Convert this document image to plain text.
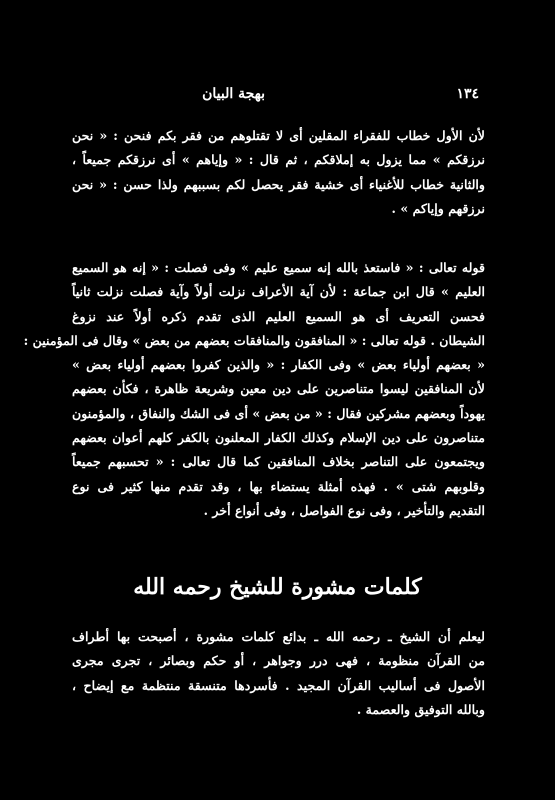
١٣٤
بهجة البيان
لأن الأول خطاب للفقراء المقلين أى لا تقتلوهم من فقر بكم فنحن : « نحن
نرزقكم » مما يزول به إملاقكم ، ثم قال : « وإياهم » أى نرزقكم جميعاً ،
والثانية خطاب للأغنياء أى خشية فقر يحصل لكم بسببهم ولذا حسن : « نحن
نرزقهم وإياكم » .
قوله تعالى : « فاستعذ بالله إنه سميع عليم » وفى فصلت : « إنه هو السميع
العليم » قال ابن جماعة : لأن آية الأعراف نزلت أولاً وآية فصلت نزلت ثانياً
فحسن التعريف أى هو السميع العليم الذى تقدم ذكره أولاً عند نزوغ
الشيطان . قوله تعالى : « المنافقون والمنافقات بعضهم من بعض » وقال فى المؤمنين :
« بعضهم أولياء بعض » وفى الكفار : « والذين كفروا بعضهم أولياء بعض »
لأن المنافقين ليسوا متناصرين على دين معين وشريعة ظاهرة ، فكأن بعضهم
يهوداً وبعضهم مشركين فقال : « من بعض » أى فى الشك والنفاق ، والمؤمنون
متناصرون على دين الإسلام وكذلك الكفار المعلنون بالكفر كلهم أعوان بعضهم
ويجتمعون على التناصر بخلاف المنافقين كما قال تعالى : « تحسبهم جميعاً
وقلوبهم شتى » . فهذه أمثلة يستضاء بها ، وقد تقدم منها كثير فى نوع
التقديم والتأخير ، وفى نوع الفواصل ، وفى أنواع أخر .
كلمات مشورة للشيخ رحمه الله
ليعلم أن الشيخ ـ رحمه الله ـ بدائع كلمات مشورة ، أصبحت بها أطراف
من القرآن منظومة ، فهى درر وجواهر ، أو حكم وبصائر ، تجرى مجرى
الأصول فى أساليب القرآن المجيد . فأسردها متنسقة منتظمة مع إيضاح ،
وبالله التوفيق والعصمة .
